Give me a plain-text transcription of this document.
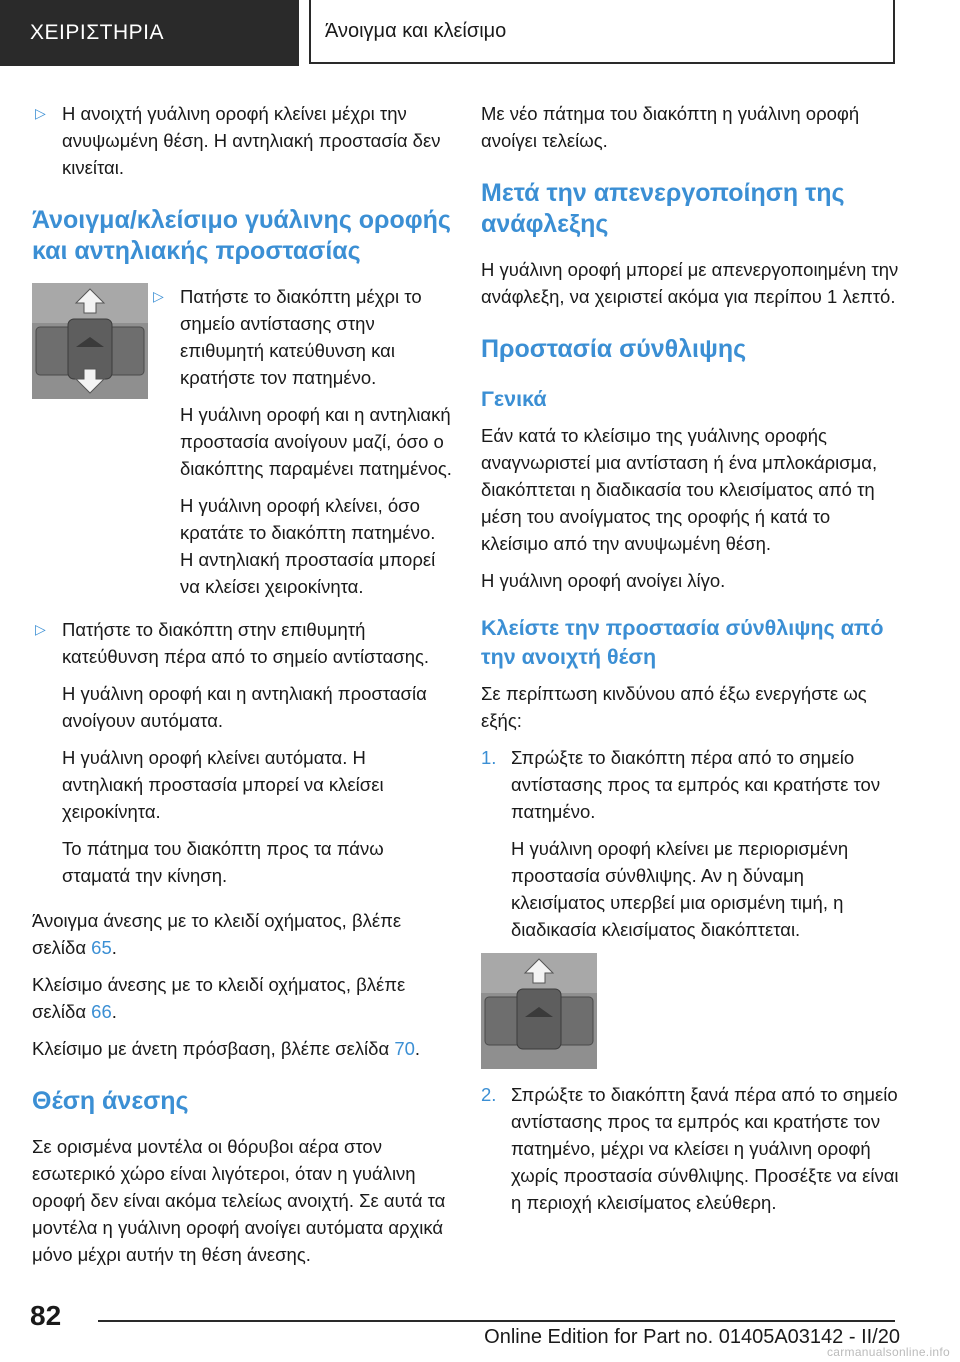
ΧΕΙΡΙΣΤΗΡΙΑ	Άνοιγμα και κλείσιμο
▷ Η ανοιχτή γυάλινη οροφή κλείνει μέχρι την ανυψωμένη θέση. Η αντηλιακή προστασία δεν κινείται.

Άνοιγμα/κλείσιμο γυάλινης οροφής και αντηλιακής προστασίας
▷ Πατήστε το διακόπτη μέχρι το σημείο αντίστασης στην επιθυμητή κατεύθυνση και κρατήστε τον πατημένο.

Η γυάλινη οροφή και η αντηλιακή προστασία ανοίγουν μαζί, όσο ο διακόπτης παραμένει πατημένος.

Η γυάλινη οροφή κλείνει, όσο κρατάτε το διακόπτη πατημένο. Η αντηλιακή προστασία μπορεί να κλείσει χειροκίνητα.

▷ Πατήστε το διακόπτη στην επιθυμητή κατεύθυνση πέρα από το σημείο αντίστασης.

Η γυάλινη οροφή και η αντηλιακή προστασία ανοίγουν αυτόματα.

Η γυάλινη οροφή κλείνει αυτόματα. Η αντηλιακή προστασία μπορεί να κλείσει χειροκίνητα.

Το πάτημα του διακόπτη προς τα πάνω σταματά την κίνηση.

Άνοιγμα άνεσης με το κλειδί οχήματος, βλέπε σελίδα 65.

Κλείσιμο άνεσης με το κλειδί οχήματος, βλέπε σελίδα 66.

Κλείσιμο με άνετη πρόσβαση, βλέπε σελίδα 70.

Θέση άνεσης

Σε ορισμένα μοντέλα οι θόρυβοι αέρα στον εσωτερικό χώρο είναι λιγότεροι, όταν η γυάλινη οροφή δεν είναι ακόμα τελείως ανοιχτή. Σε αυτά τα μοντέλα η γυάλινη οροφή ανοίγει αυτόματα αρχικά μόνο μέχρι αυτήν τη θέση άνεσης.

Με νέο πάτημα του διακόπτη η γυάλινη οροφή ανοίγει τελείως.

Μετά την απενεργοποίηση της ανάφλεξης

Η γυάλινη οροφή μπορεί με απενεργοποιημένη την ανάφλεξη, να χειριστεί ακόμα για περίπου 1 λεπτό.

Προστασία σύνθλιψης
Γενικά

Εάν κατά το κλείσιμο της γυάλινης οροφής αναγνωριστεί μια αντίσταση ή ένα μπλοκάρισμα, διακόπτεται η διαδικασία του κλεισίματος από τη μέση του ανοίγματος της οροφής ή κατά το κλείσιμο από την ανυψωμένη θέση.

Η γυάλινη οροφή ανοίγει λίγο.

Κλείστε την προστασία σύνθλιψης από την ανοιχτή θέση

Σε περίπτωση κινδύνου από έξω ενεργήστε ως εξής:

1. Σπρώξτε το διακόπτη πέρα από το σημείο αντίστασης προς τα εμπρός και κρατήστε τον πατημένο.

Η γυάλινη οροφή κλείνει με περιορισμένη προστασία σύνθλιψης. Αν η δύναμη κλεισίματος υπερβεί μια ορισμένη τιμή, η διαδικασία κλεισίματος διακόπτεται.

2. Σπρώξτε το διακόπτη ξανά πέρα από το σημείο αντίστασης προς τα εμπρός και κρατήστε τον πατημένο, μέχρι να κλείσει η γυάλινη οροφή χωρίς προστασία σύνθλιψης. Προσέξτε να είναι η περιοχή κλεισίματος ελεύθερη.

82
Online Edition for Part no. 01405A03142 - II/20
carmanualsonline.info
